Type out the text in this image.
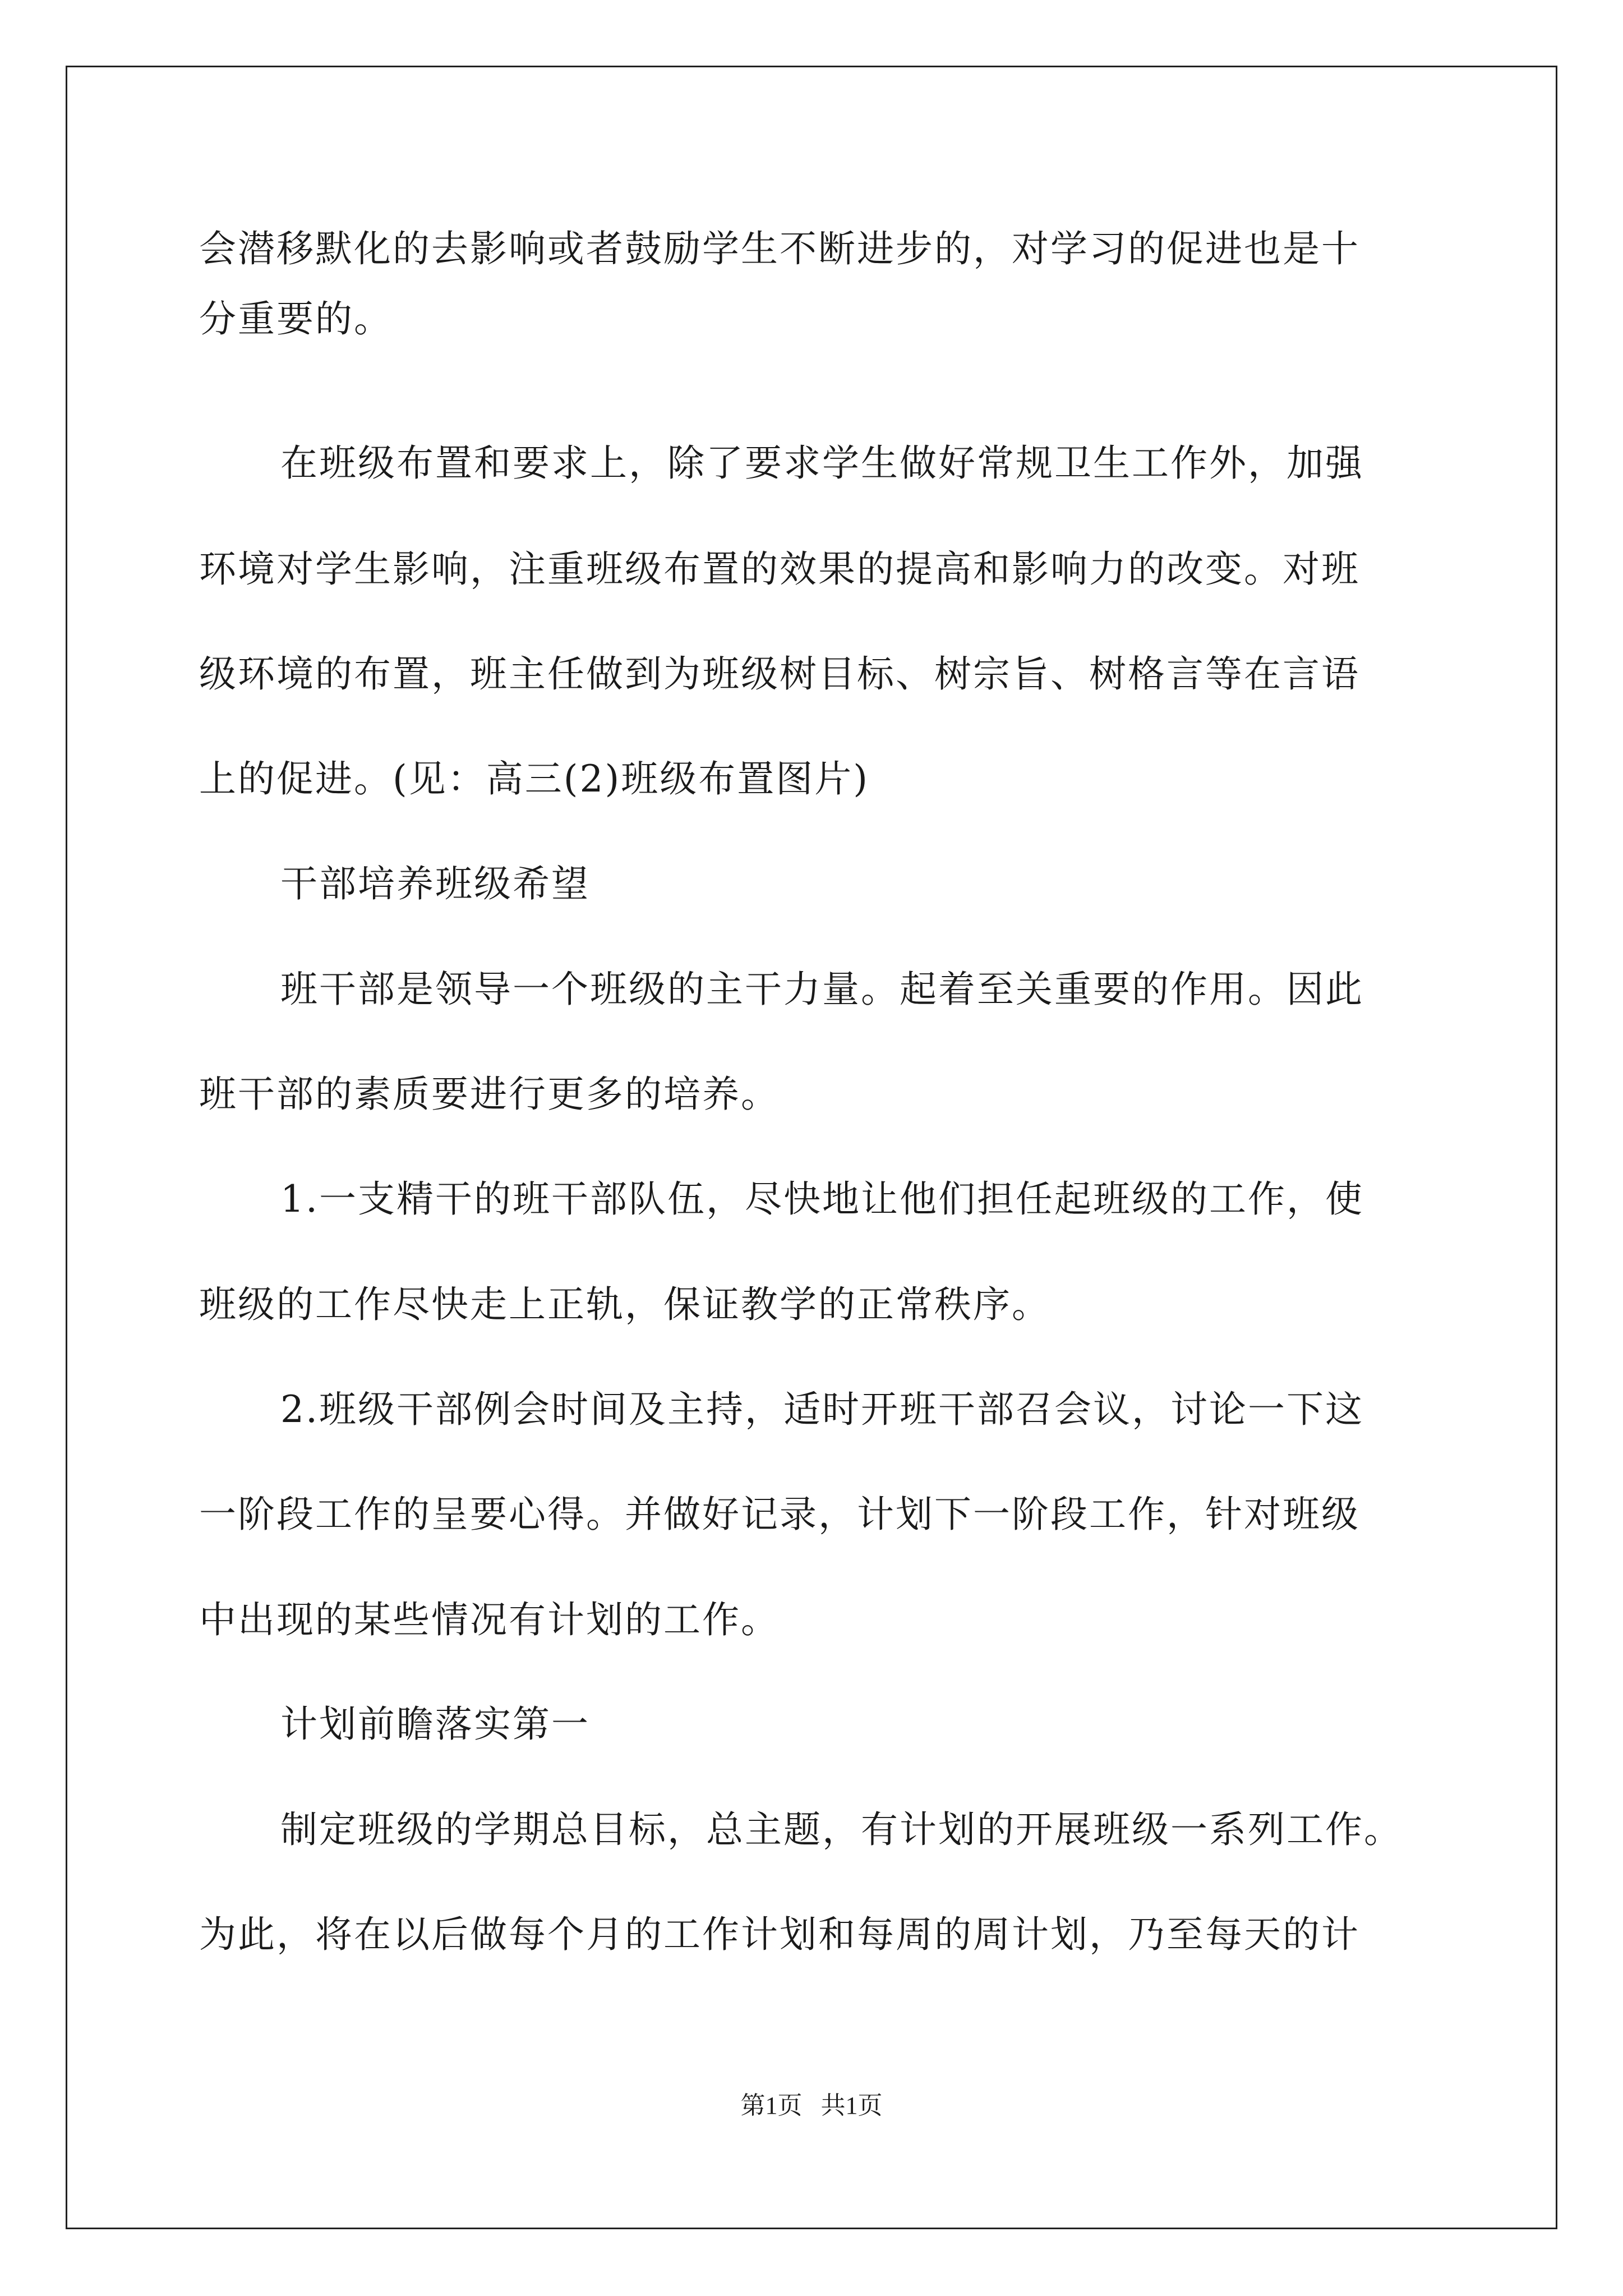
会潜移默化的去影响或者鼓励学生不断进步的，对学习的促进也是十

分重要的。

在班级布置和要求上，除了要求学生做好常规卫生工作外，加强

环境对学生影响，注重班级布置的效果的提高和影响力的改变。对班

级环境的布置，班主任做到为班级树目标、树宗旨、树格言等在言语

上的促进。(见：高三(2)班级布置图片)

干部培养班级希望

班干部是领导一个班级的主干力量。起着至关重要的作用。因此

班干部的素质要进行更多的培养。

1.一支精干的班干部队伍，尽快地让他们担任起班级的工作，使

班级的工作尽快走上正轨，保证教学的正常秩序。

2.班级干部例会时间及主持，适时开班干部召会议，讨论一下这

一阶段工作的呈要心得。并做好记录，计划下一阶段工作，针对班级

中出现的某些情况有计划的工作。

计划前瞻落实第一

制定班级的学期总目标，总主题，有计划的开展班级一系列工作。

为此，将在以后做每个月的工作计划和每周的周计划，乃至每天的计

第1页   共1页
